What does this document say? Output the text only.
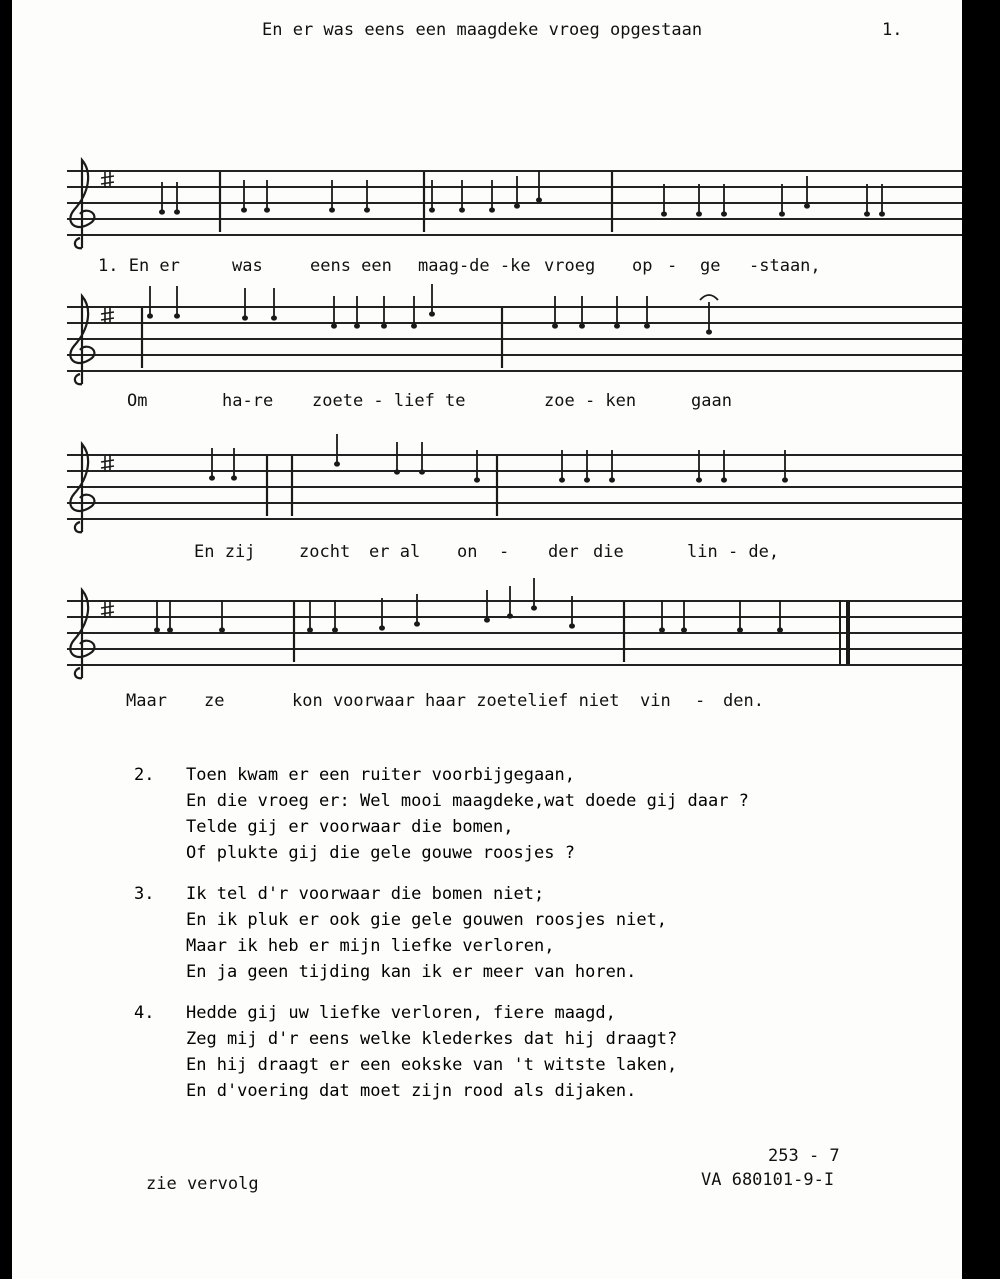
En er was eens een maagdeke vroeg opgestaan	1.
1. En er	was	eens een maag-de -ke vroeg op - ge -staan,
Om	ha-re zoete - lief te	zoe - ken	gaan
En zij	zocht er al on - der die	lin - de,
Maar ze	kon voorwaar haar zoetelief niet vin - den.
2.	Toen kwam er een ruiter voorbijgegaan,
En die vroeg er: Wel mooi maagdeke,wat doede gij daar ?
Telde gij er voorwaar die bomen,
Of plukte gij die gele gouwe roosjes ?
3.	Ik tel d'r voorwaar die bomen niet;
En ik pluk er ook gie gele gouwen roosjes niet,
Maar ik heb er mijn liefke verloren,
En ja geen tijding kan ik er meer van horen.
4.	Hedde gij uw liefke verloren, fiere maagd,
Zeg mij d'r eens welke klederkes dat hij draagt?
En hij draagt er een eokske van 't witste laken,
En d'voering dat moet zijn rood als dijaken.
253 - 7
zie vervolg	VA 680101-9-I
